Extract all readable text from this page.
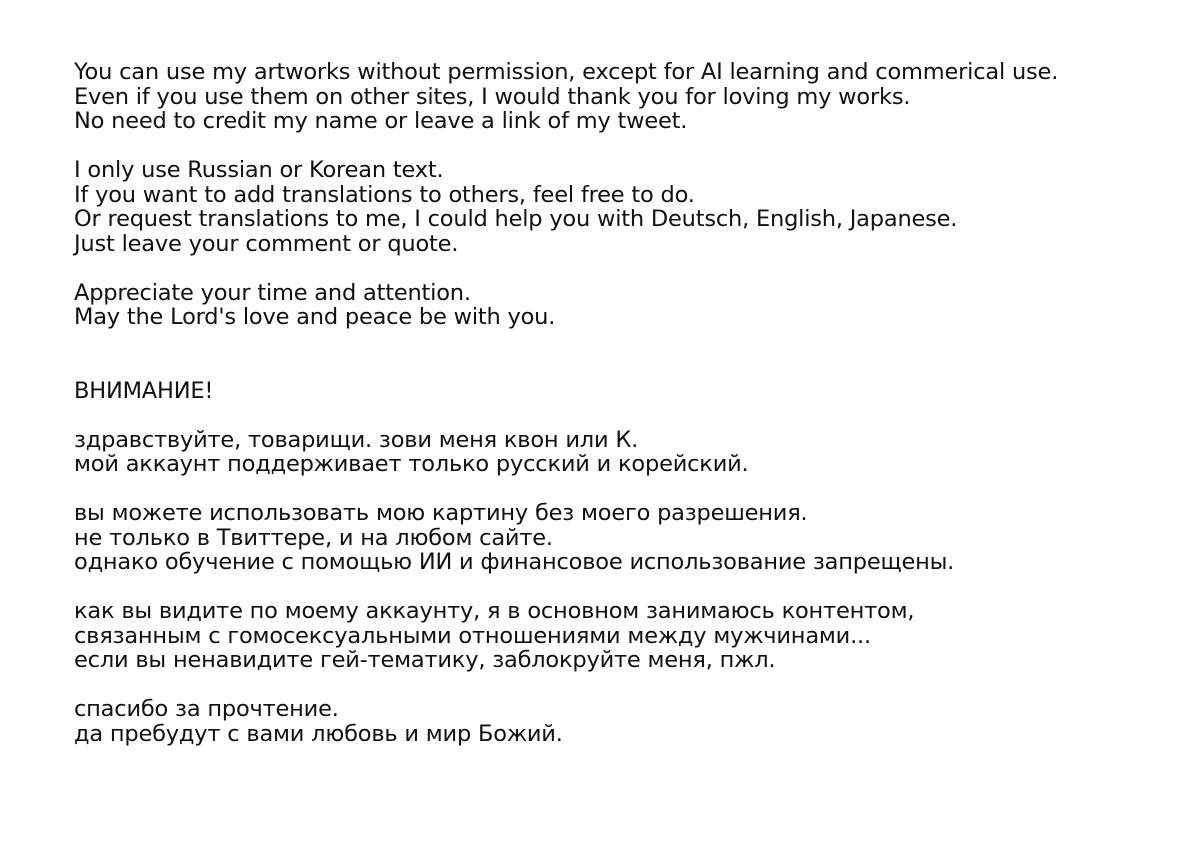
You can use my artworks without permission, except for AI learning and commerical use.
Even if you use them on other sites, I would thank you for loving my works.
No need to credit my name or leave a link of my tweet.
I only use Russian or Korean text.
If you want to add translations to others, feel free to do.
Or request translations to me, I could help you with Deutsch, English, Japanese.
Just leave your comment or quote.
Appreciate your time and attention.
May the Lord's love and peace be with you.
ВНИМАНИЕ!
здравствуйте, товарищи. зови меня квон или К.
мой аккаунт поддерживает только русский и корейский.
вы можете использовать мою картину без моего разрешения.
не только в Твиттере, и на любом сайте.
однако обучение с помощью ИИ и финансовое использование запрещены.
как вы видите по моему аккаунту, я в основном занимаюсь контентом,
связанным с гомосексуальными отношениями между мужчинами...
если вы ненавидите гей-тематику, заблокруйте меня, пжл.
спасибо за прочтение.
да пребудут с вами любовь и мир Божий.
